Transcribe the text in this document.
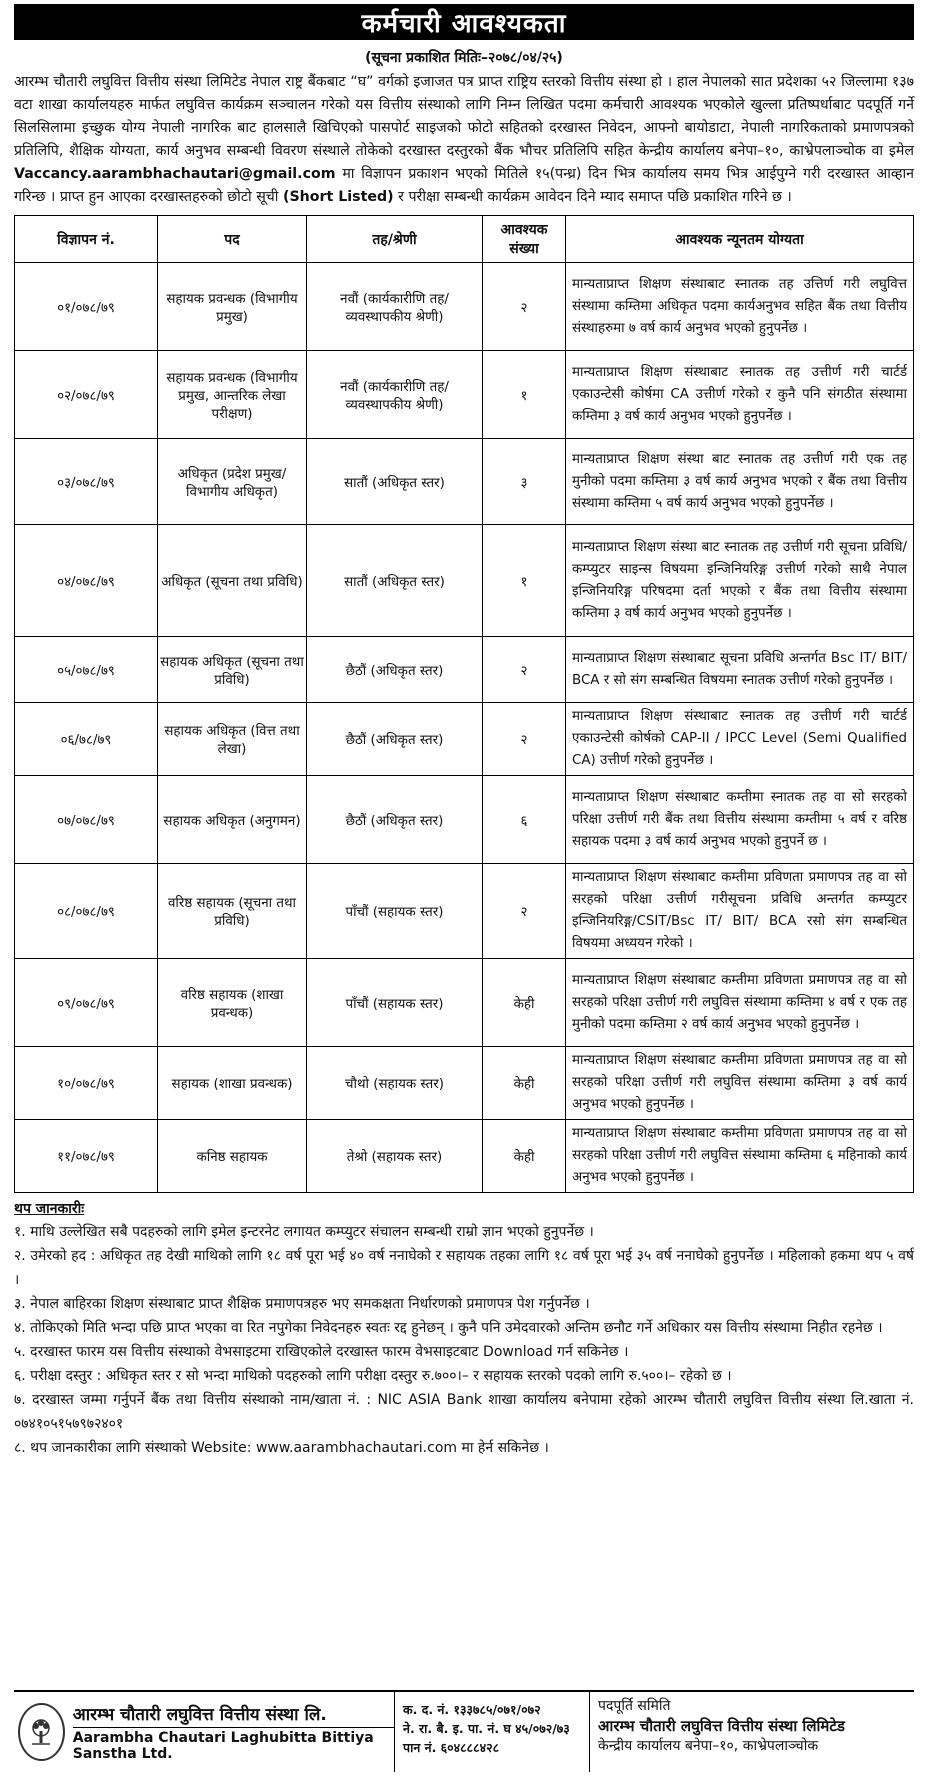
कर्मचारी आवश्यकता
(सूचना प्रकाशित मितिः–२०७८/०४/२५)
आरम्भ चौतारी लघुवित्त वित्तीय संस्था लिमिटेड नेपाल राष्ट्र बैंकबाट “घ” वर्गको इजाजत पत्र प्राप्त राष्ट्रिय स्तरको वित्तीय संस्था हो । हाल नेपालको सात प्रदेशका ५२ जिल्लामा १३७ वटा शाखा कार्यालयहरु मार्फत लघुवित्त कार्यक्रम सञ्चालन गरेको यस वित्तीय संस्थाको लागि निम्न लिखित पदमा कर्मचारी आवश्यक भएकोले खुल्ला प्रतिष्पर्धाबाट पदपूर्ति गर्ने सिलसिलामा इच्छुक योग्य नेपाली नागरिक बाट हालसालै खिचिएको पासपोर्ट साइजको फोटो सहितको दरखास्त निवेदन, आफ्नो बायोडाटा, नेपाली नागरिकताको प्रमाणपत्रको प्रतिलिपि, शैक्षिक योग्यता, कार्य अनुभव सम्बन्धी विवरण संस्थाले तोकेको दरखास्त दस्तुरको बैंक भौचर प्रतिलिपि सहित केन्द्रीय कार्यालय बनेपा–१०, काभ्रेपलाञ्चोक वा इमेल Vaccancy.aarambhachautari@gmail.com मा विज्ञापन प्रकाशन भएको मितिले १५(पन्ध्र) दिन भित्र कार्यालय समय भित्र आईपुग्ने गरी दरखास्त आव्हान गरिन्छ । प्राप्त हुन आएका दरखास्तहरुको छोटो सूची (Short Listed) र परीक्षा सम्बन्धी कार्यक्रम आवेदन दिने म्याद समाप्त पछि प्रकाशित गरिने छ ।
विज्ञापन नं.	पद	तह/श्रेणी	आवश्यक संख्या	आवश्यक न्यूनतम योग्यता
०१/०७८/७९	सहायक प्रवन्धक (विभागीय प्रमुख)	नवौं (कार्यकारीणि तह/व्यवस्थापकीय श्रेणी)	२	मान्यताप्राप्त शिक्षण संस्थाबाट स्नातक तह उत्तिर्ण गरी लघुवित्त संस्थामा कम्तिमा अधिकृत पदमा कार्यअनुभव सहित बैंक तथा वित्तीय संस्थाहरुमा ७ वर्ष कार्य अनुभव भएको हुनुपर्नेछ ।
०२/०७८/७९	सहायक प्रवन्धक (विभागीय प्रमुख, आन्तरिक लेखा परीक्षण)	नवौं (कार्यकारीणि तह/व्यवस्थापकीय श्रेणी)	१	मान्यताप्राप्त शिक्षण संस्थाबाट स्नातक तह उत्तीर्ण गरी चार्टर्ड एकाउन्टेसी कोर्षमा CA उत्तीर्ण गरेको र कुनै पनि संगठीत संस्थामा कम्तिमा ३ वर्ष कार्य अनुभव भएको हुनुपर्नेछ ।
०३/०७८/७९	अधिकृत (प्रदेश प्रमुख/विभागीय अधिकृत)	सातौं (अधिकृत स्तर)	३	मान्यताप्राप्त शिक्षण संस्था बाट स्नातक तह उत्तीर्ण गरी एक तह मुनीको पदमा कम्तिमा ३ वर्ष कार्य अनुभव भएको र बैंक तथा वित्तीय संस्थामा कम्तिमा ५ वर्ष कार्य अनुभव भएको हुनुपर्नेछ ।
०४/०७८/७९	अधिकृत (सूचना तथा प्रविधि)	सातौं (अधिकृत स्तर)	१	मान्यताप्राप्त शिक्षण संस्था बाट स्नातक तह उत्तीर्ण गरी सूचना प्रविधि/कम्प्युटर साइन्स विषयमा इन्जिनियरिङ्ग उत्तीर्ण गरेको साथै नेपाल इन्जिनियरिङ्ग परिषदमा दर्ता भएको र बैंक तथा वित्तीय संस्थामा कम्तिमा ३ वर्ष कार्य अनुभव भएको हुनुपर्नेछ ।
०५/०७८/७९	सहायक अधिकृत (सूचना तथा प्रविधि)	छैठौं (अधिकृत स्तर)	२	मान्यताप्राप्त शिक्षण संस्थाबाट सूचना प्रविधि अन्तर्गत Bsc IT/ BIT/ BCA र सो संग सम्बन्धित विषयमा स्नातक उत्तीर्ण गरेको हुनुपर्नेछ ।
०६/७८/७९	सहायक अधिकृत (वित्त तथा लेखा)	छैठौं (अधिकृत स्तर)	२	मान्यताप्राप्त शिक्षण संस्थाबाट स्नातक तह उत्तीर्ण गरी चार्टर्ड एकाउन्टेसी कोर्षको CAP-II / IPCC Level (Semi Qualified CA) उत्तीर्ण गरेको हुनुपर्नेछ ।
०७/०७८/७९	सहायक अधिकृत (अनुगमन)	छैठौं (अधिकृत स्तर)	६	मान्यताप्राप्त शिक्षण संस्थाबाट कम्तीमा स्नातक तह वा सो सरहको परिक्षा उत्तीर्ण गरी बैंक तथा वित्तीय संस्थामा कम्तीमा ५ वर्ष र वरिष्ठ सहायक पदमा ३ वर्ष कार्य अनुभव भएको हुनुपर्ने छ ।
०८/०७८/७९	वरिष्ठ सहायक (सूचना तथा प्रविधि)	पाँचौं (सहायक स्तर)	२	मान्यताप्राप्त शिक्षण संस्थाबाट कम्तीमा प्रविणता प्रमाणपत्र तह वा सो सरहको परिक्षा उत्तीर्ण गरीसूचना प्रविधि अन्तर्गत कम्प्युटर इन्जिनियरिङ्ग/CSIT/Bsc IT/ BIT/ BCA रसो संग सम्बन्धित विषयमा अध्ययन गरेको ।
०९/०७८/७९	वरिष्ठ सहायक (शाखा प्रवन्धक)	पाँचौं (सहायक स्तर)	केही	मान्यताप्राप्त शिक्षण संस्थाबाट कम्तीमा प्रविणता प्रमाणपत्र तह वा सो सरहको परिक्षा उत्तीर्ण गरी लघुवित्त संस्थामा कम्तिमा ४ वर्ष र एक तह मुनीको पदमा कम्तिमा २ वर्ष कार्य अनुभव भएको हुनुपर्नेछ ।
१०/०७८/७९	सहायक (शाखा प्रवन्धक)	चौथो (सहायक स्तर)	केही	मान्यताप्राप्त शिक्षण संस्थाबाट कम्तीमा प्रविणता प्रमाणपत्र तह वा सो सरहको परिक्षा उत्तीर्ण गरी लघुवित्त संस्थामा कम्तिमा ३ वर्ष कार्य अनुभव भएको हुनुपर्नेछ ।
११/०७८/७९	कनिष्ठ सहायक	तेश्रो (सहायक स्तर)	केही	मान्यताप्राप्त शिक्षण संस्थाबाट कम्तीमा प्रविणता प्रमाणपत्र तह वा सो सरहको परिक्षा उत्तीर्ण गरी लघुवित्त संस्थामा कम्तिमा ६ महिनाको कार्य अनुभव भएको हुनुपर्नेछ ।
थप जानकारीः
१. माथि उल्लेखित सबै पदहरुको लागि इमेल इन्टरनेट लगायत कम्प्युटर संचालन सम्बन्धी राम्रो ज्ञान भएको हुनुपर्नेछ ।
२. उमेरको हद : अधिकृत तह देखी माथिको लागि १८ वर्ष पूरा भई ४० वर्ष ननाघेको र सहायक तहका लागि १८ वर्ष पूरा भई ३५ वर्ष ननाघेको हुनुपर्नेछ । महिलाको हकमा थप ५ वर्ष ।
३. नेपाल बाहिरका शिक्षण संस्थाबाट प्राप्त शैक्षिक प्रमाणपत्रहरु भए समकक्षता निर्धारणको प्रमाणपत्र पेश गर्नुपर्नेछ ।
४. तोकिएको मिति भन्दा पछि प्राप्त भएका वा रित नपुगेका निवेदनहरु स्वतः रद्द हुनेछन् । कुनै पनि उमेदवारको अन्तिम छनौट गर्ने अधिकार यस वित्तीय संस्थामा निहीत रहनेछ ।
५. दरखास्त फारम यस वित्तीय संस्थाको वेभसाइटमा राखिएकोले दरखास्त फारम वेभसाइटबाट Download गर्न सकिनेछ ।
६. परीक्षा दस्तुर : अधिकृत स्तर र सो भन्दा माथिको पदहरुको लागि परीक्षा दस्तुर रु.७००।– र सहायक स्तरको पदको लागि रु.५००।– रहेको छ ।
७. दरखास्त जम्मा गर्नुपर्ने बैंक तथा वित्तीय संस्थाको नाम/खाता नं. : NIC ASIA Bank शाखा कार्यालय बनेपामा रहेको आरम्भ चौतारी लघुवित्त वित्तीय संस्था लि.खाता नं. ०७४१०५१५७९७२४०१
८. थप जानकारीका लागि संस्थाको Website: www.aarambhachautari.com मा हेर्न सकिनेछ ।
आरम्भ चौतारी लघुवित्त वित्तीय संस्था लि.
Aarambha Chautari Laghubitta Bittiya Sanstha Ltd.
क. द. नं. १३३७८५/०७१/०७२
ने. रा. बै. इ. पा. नं. घ ४५/०७२/७३
पान नं. ६०४८८८४२८
पदपूर्ति समिति
आरम्भ चौतारी लघुवित्त वित्तीय संस्था लिमिटेड
केन्द्रीय कार्यालय बनेपा–१०, काभ्रेपलाञ्चोक
